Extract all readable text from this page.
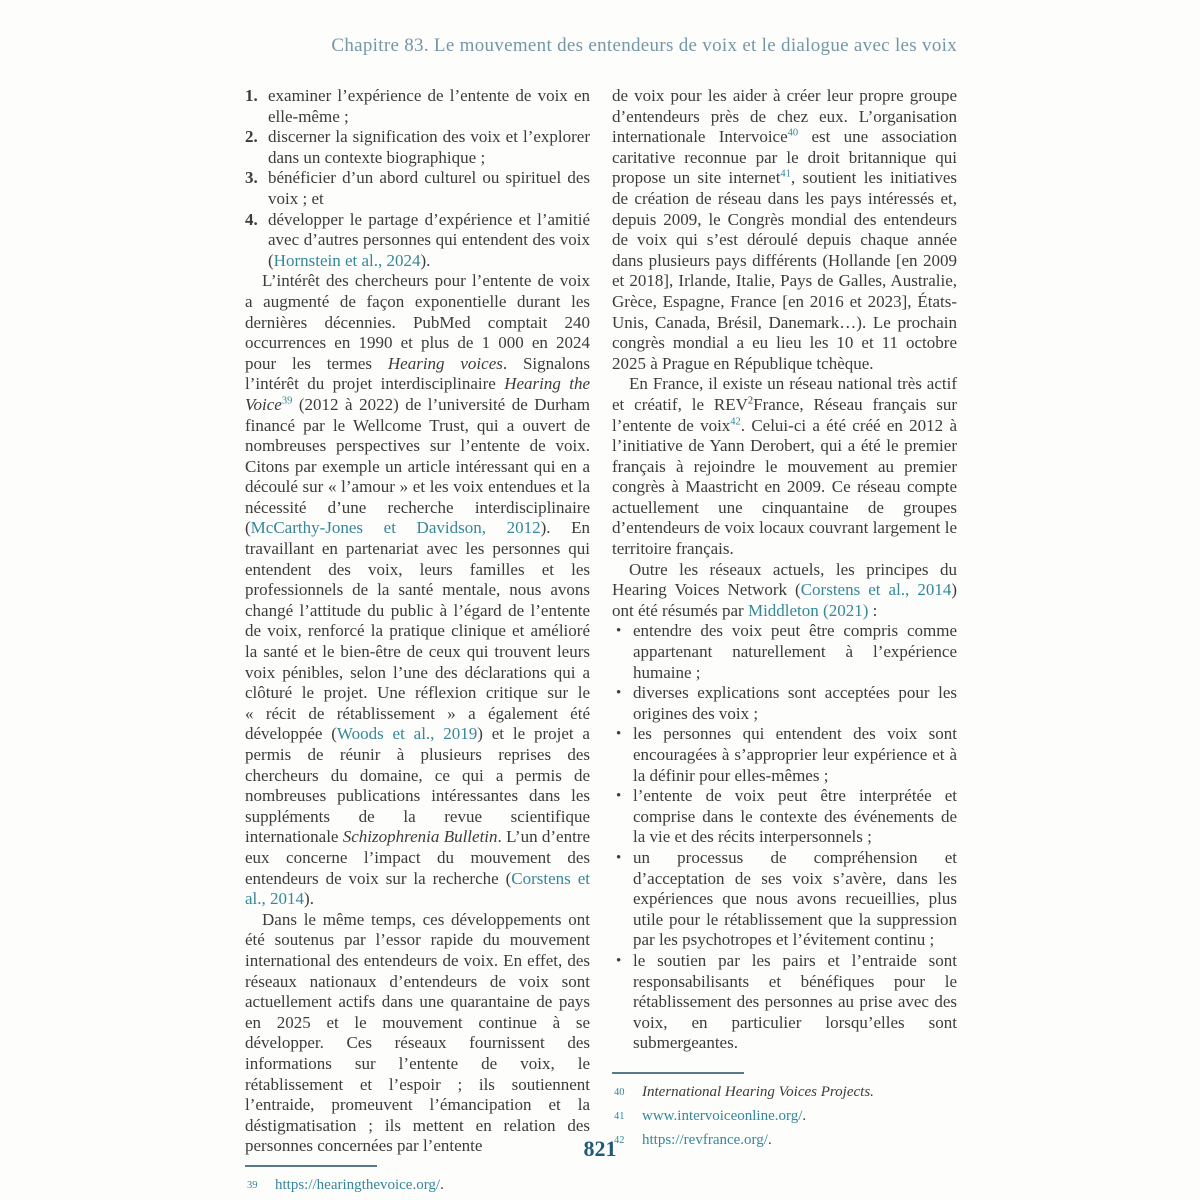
Chapitre 83. Le mouvement des entendeurs de voix et le dialogue avec les voix
1. examiner l’expérience de l’entente de voix en elle-même ;
2. discerner la signification des voix et l’explorer dans un contexte biographique ;
3. bénéficier d’un abord culturel ou spirituel des voix ; et
4. développer le partage d’expérience et l’amitié avec d’autres personnes qui entendent des voix (Hornstein et al., 2024).

L’intérêt des chercheurs pour l’entente de voix a augmenté de façon exponentielle durant les dernières décennies. PubMed comptait 240 occurrences en 1990 et plus de 1 000 en 2024 pour les termes Hearing voices. Signalons l’intérêt du projet interdisciplinaire Hearing the Voice$^{39}$ (2012 à 2022) de l’université de Durham financé par le Wellcome Trust, qui a ouvert de nombreuses perspectives sur l’entente de voix. Citons par exemple un article intéressant qui en a découlé sur « l’amour » et les voix entendues et la nécessité d’une recherche interdisciplinaire (McCarthy-Jones et Davidson, 2012). En travaillant en partenariat avec les personnes qui entendent des voix, leurs familles et les professionnels de la santé mentale, nous avons changé l’attitude du public à l’égard de l’entente de voix, renforcé la pratique clinique et amélioré la santé et le bien-être de ceux qui trouvent leurs voix pénibles, selon l’une des déclarations qui a clôturé le projet. Une réflexion critique sur le « récit de rétablissement » a également été développée (Woods et al., 2019) et le projet a permis de réunir à plusieurs reprises des chercheurs du domaine, ce qui a permis de nombreuses publications intéressantes dans les suppléments de la revue scientifique internationale Schizophrenia Bulletin. L’un d’entre eux concerne l’impact du mouvement des entendeurs de voix sur la recherche (Corstens et al., 2014).

Dans le même temps, ces développements ont été soutenus par l’essor rapide du mouvement international des entendeurs de voix. En effet, des réseaux nationaux d’entendeurs de voix sont actuellement actifs dans une quarantaine de pays en 2025 et le mouvement continue à se développer. Ces réseaux fournissent des informations sur l’entente de voix, le rétablissement et l’espoir ; ils soutiennent l’entraide, promeuvent l’émancipation et la déstigmatisation ; ils mettent en relation des personnes concernées par l’entente

39 https://hearingthevoice.org/.

de voix pour les aider à créer leur propre groupe d’entendeurs près de chez eux. L’organisation internationale Intervoice$^{40}$ est une association caritative reconnue par le droit britannique qui propose un site internet$^{41}$, soutient les initiatives de création de réseau dans les pays intéressés et, depuis 2009, le Congrès mondial des entendeurs de voix qui s’est déroulé depuis chaque année dans plusieurs pays différents (Hollande [en 2009 et 2018], Irlande, Italie, Pays de Galles, Australie, Grèce, Espagne, France [en 2016 et 2023], États-Unis, Canada, Brésil, Danemark…). Le prochain congrès mondial a eu lieu les 10 et 11 octobre 2025 à Prague en République tchèque.

En France, il existe un réseau national très actif et créatif, le REV$^2$France, Réseau français sur l’entente de voix$^{42}$. Celui-ci a été créé en 2012 à l’initiative de Yann Derobert, qui a été le premier français à rejoindre le mouvement au premier congrès à Maastricht en 2009. Ce réseau compte actuellement une cinquantaine de groupes d’entendeurs de voix locaux couvrant largement le territoire français.

Outre les réseaux actuels, les principes du Hearing Voices Network (Corstens et al., 2014) ont été résumés par Middleton (2021) :

• entendre des voix peut être compris comme appartenant naturellement à l’expérience humaine ;
• diverses explications sont acceptées pour les origines des voix ;
• les personnes qui entendent des voix sont encouragées à s’approprier leur expérience et à la définir pour elles-mêmes ;
• l’entente de voix peut être interprétée et comprise dans le contexte des événements de la vie et des récits interpersonnels ;
• un processus de compréhension et d’acceptation de ses voix s’avère, dans les expériences que nous avons recueillies, plus utile pour le rétablissement que la suppression par les psychotropes et l’évitement continu ;
• le soutien par les pairs et l’entraide sont responsabilisants et bénéfiques pour le rétablissement des personnes au prise avec des voix, en particulier lorsqu’elles sont submergeantes.
40 International Hearing Voices Projects.
41 www.intervoiceonline.org/.
42 https://revfrance.org/.
821
